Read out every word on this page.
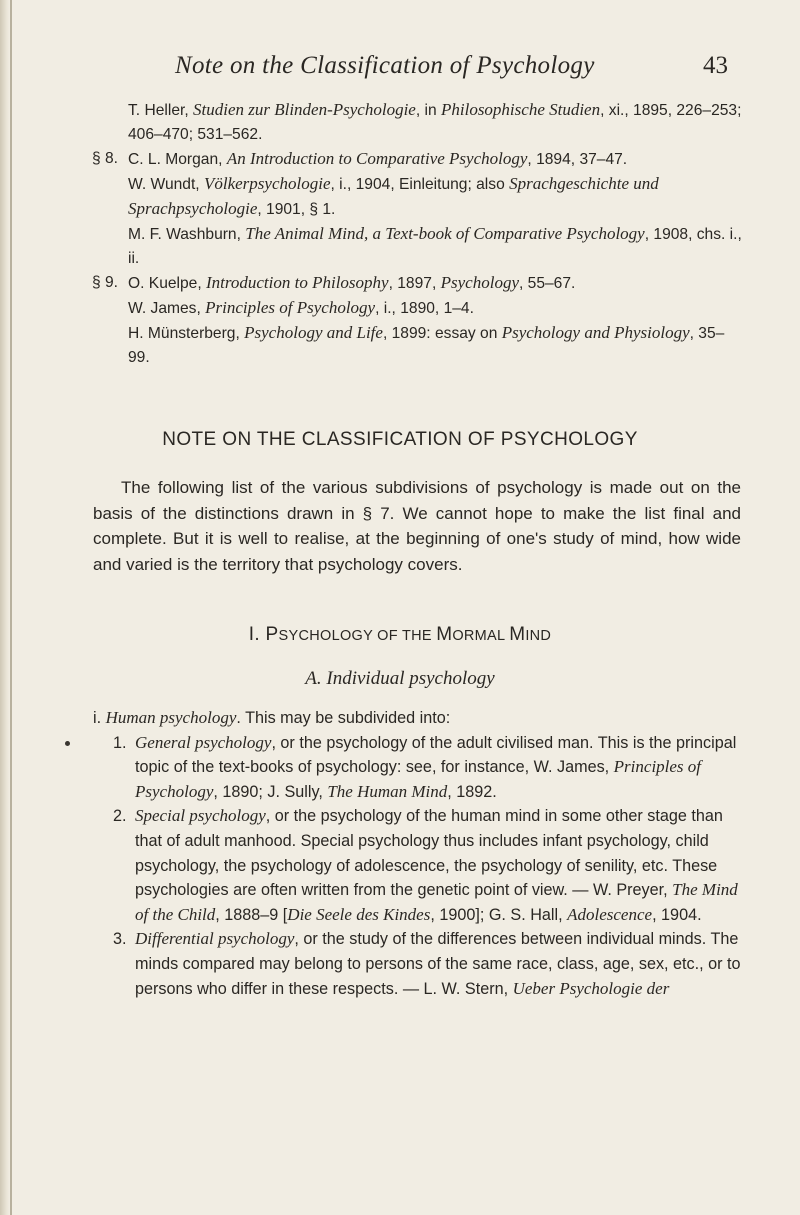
Note on the Classification of Psychology	43
T. Heller, Studien zur Blinden-Psychologie, in Philosophische Studien, xi., 1895, 226–253; 406–470; 531–562.
§ 8. C. L. Morgan, An Introduction to Comparative Psychology, 1894, 37–47.
W. Wundt, Völkerpsychologie, i., 1904, Einleitung; also Sprachgeschichte und Sprachpsychologie, 1901, § 1.
M. F. Washburn, The Animal Mind, a Text-book of Comparative Psychology, 1908, chs. i., ii.
§ 9. O. Kuelpe, Introduction to Philosophy, 1897, Psychology, 55–67.
W. James, Principles of Psychology, i., 1890, 1–4.
H. Münsterberg, Psychology and Life, 1899: essay on Psychology and Physiology, 35–99.
NOTE ON THE CLASSIFICATION OF PSYCHOLOGY

The following list of the various subdivisions of psychology is made out on the basis of the distinctions drawn in § 7. We cannot hope to make the list final and complete. But it is well to realise, at the beginning of one's study of mind, how wide and varied is the territory that psychology covers.

I. PSYCHOLOGY OF THE MORMAL MIND
A. Individual psychology
i. Human psychology. This may be subdivided into:
1. General psychology, or the psychology of the adult civilised man. This is the principal topic of the text-books of psychology: see, for instance, W. James, Principles of Psychology, 1890; J. Sully, The Human Mind, 1892.
2. Special psychology, or the psychology of the human mind in some other stage than that of adult manhood. Special psychology thus includes infant psychology, child psychology, the psychology of adolescence, the psychology of senility, etc. These psychologies are often written from the genetic point of view. — W. Preyer, The Mind of the Child, 1888–9 [Die Seele des Kindes, 1900]; G. S. Hall, Adolescence, 1904.
3. Differential psychology, or the study of the differences between individual minds. The minds compared may belong to persons of the same race, class, age, sex, etc., or to persons who differ in these respects. — L. W. Stern, Ueber Psychologie der
